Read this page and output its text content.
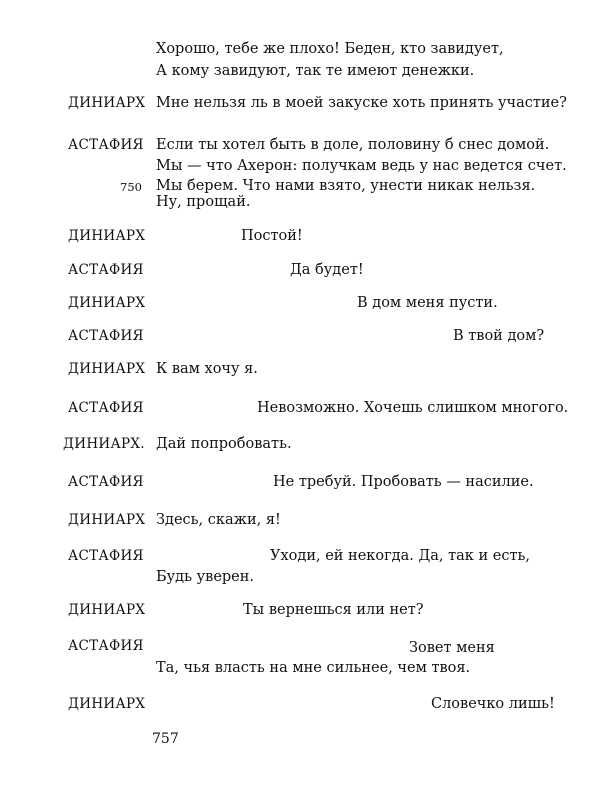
Хорошо, тебе же плохо! Беден, кто завидует,
А кому завидуют, так те имеют денежки.
ДИНИАРХ Мне нельзя ль в моей закуске хоть принять участие?
АСТАФИЯ Если ты хотел быть в доле, половину б снес домой.
Мы — что Ахерон: получкам ведь у нас ведется счет.
750 Мы берем. Что нами взято, унести никак нельзя.
Ну, прощай.
ДИНИАРХ	Постой!
АСТАФИЯ	Да будет!
ДИНИАРХ	В дом меня пусти.
АСТАФИЯ	В твой дом?
ДИНИАРХ К вам хочу я.
АСТАФИЯ	Невозможно. Хочешь слишком многого.
ДИНИАРХ. Дай попробовать.
АСТАФИЯ	Не требуй. Пробовать — насилие.
ДИНИАРХ Здесь, скажи, я!
АСТАФИЯ	Уходи, ей некогда. Да, так и есть,
Будь уверен.
ДИНИАРХ	Ты вернешься или нет?
АСТАФИЯ	Зовет меня
Та, чья власть на мне сильнее, чем твоя.
ДИНИАРХ	Словечко лишь!
757
